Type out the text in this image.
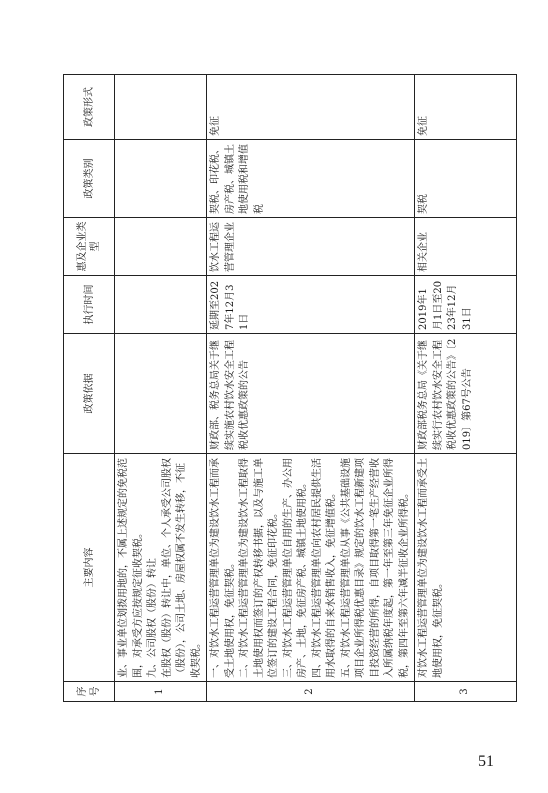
序号	主要内容	政策依据	执行时间	惠及企业类型	政策类别	政策形式
1	业、事业单位划拨用地的，不属上述规定的免税范围，对承受方应按规定征收契税。 九、公司股权（股份）转让 在股权（股份）转让中，单位、个人承受公司股权（股份），公司土地、房屋权属不发生转移，不征收契税。					

2	一、对饮水工程运营管理单位为建设饮水工程而承受土地使用权，免征契税。 二、对饮水工程运营管理单位为建设饮水工程取得土地使用权而签订的产权转移书据，以及与施工单位签订的建设工程合同，免征印花税。 三、对饮水工程运营管理单位自用的生产、办公用房产、土地，免征房产税、城镇土地使用税。 四、对饮水工程运营管理单位向农村居民提供生活用水取得的自来水销售收入，免征增值税。 五、对饮水工程运营管理单位从事《公共基础设施项目企业所得税优惠目录》规定的饮水工程新建项目投资经营的所得，自项目取得第一笔生产经营收入所属纳税年度起，第一年至第三年免征企业所得税，第四年至第六年减半征收企业所得税。	财政部、税务总局关于继续实施农村饮水安全工程税收优惠政策的公告	延期至2027年12月31日	饮水工程运营管理企业	契税、印花税、房产税、城镇土地使用税和增值税	免征
3	对饮水工程运营管理单位为建设饮水工程而承受土地使用权，免征契税。	财政部税务总局《关于继续实行农村饮水安全工程税收优惠政策的公告》〔2019〕第67号公告	2019年1月1日至2023年12月31日	相关企业	契税	免征
51
